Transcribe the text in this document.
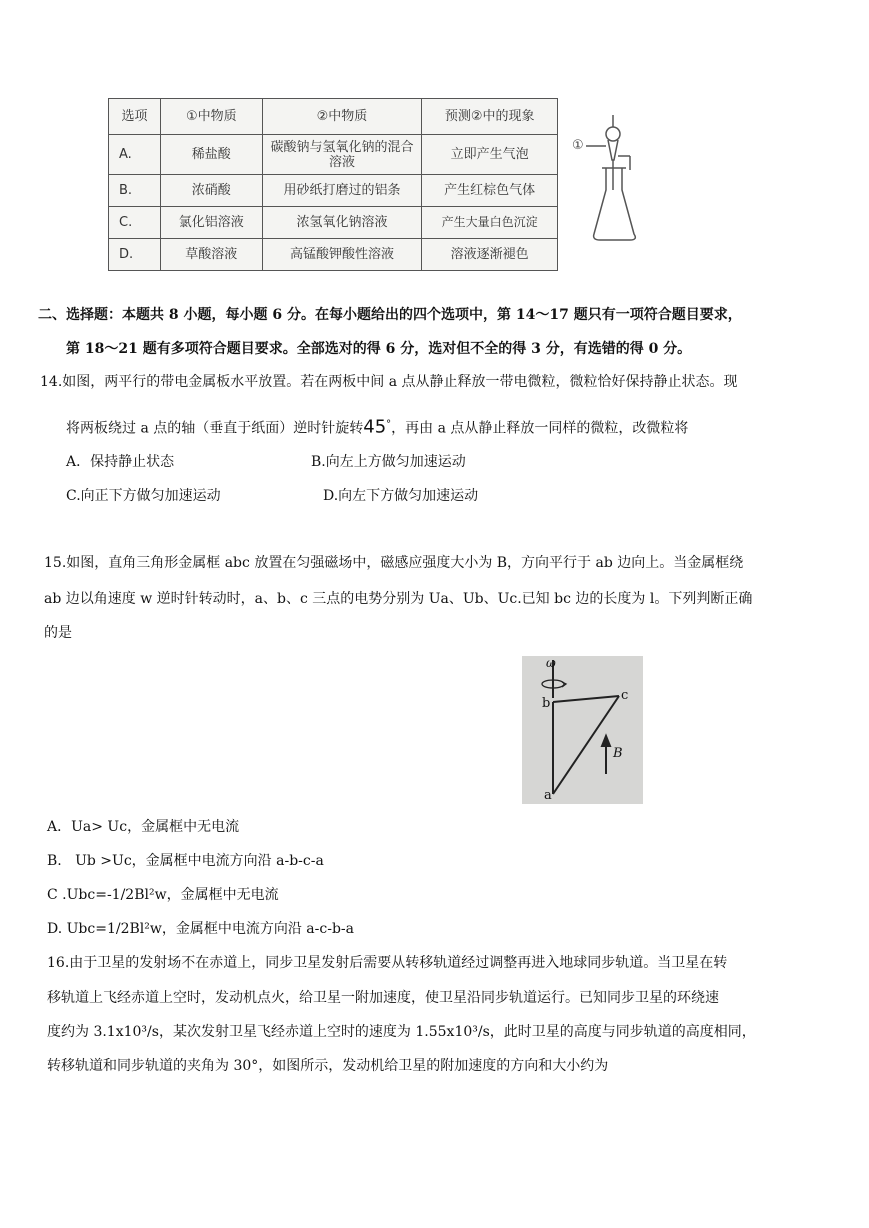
选项	①中物质	②中物质	预测②中的现象
A.	稀盐酸	碳酸钠与氢氧化钠的混合溶液	立即产生气泡
B.	浓硝酸	用砂纸打磨过的铝条	产生红棕色气体
C.	氯化铝溶液	浓氢氧化钠溶液	产生大量白色沉淀
D.	草酸溶液	高锰酸钾酸性溶液	溶液逐渐褪色
①
二、选择题：本题共 8 小题，每小题 6 分。在每小题给出的四个选项中，第 14～17 题只有一项符合题目要求，
第 18～21 题有多项符合题目要求。全部选对的得 6 分，选对但不全的得 3 分，有选错的得 0 分。
14.如图，两平行的带电金属板水平放置。若在两板中间 a 点从静止释放一带电微粒，微粒恰好保持静止状态。现
将两板绕过 a 点的轴（垂直于纸面）逆时针旋转45°，再由 a 点从静止释放一同样的微粒，改微粒将
A．保持静止状态	B.向左上方做匀加速运动
C.向正下方做匀加速运动	D.向左下方做匀加速运动
15.如图，直角三角形金属框 abc 放置在匀强磁场中，磁感应强度大小为 B，方向平行于 ab 边向上。当金属框绕
ab 边以角速度 w 逆时针转动时，a、b、c 三点的电势分别为 Ua、Ub、Uc.已知 bc 边的长度为 l。下列判断正确
的是
ω
b
c
a
B
A．Ua> Uc，金属框中无电流
B.   Ub >Uc，金属框中电流方向沿 a-b-c-a
C .Ubc=-1/2Bl²w，金属框中无电流
D. Ubc=1/2Bl²w，金属框中电流方向沿 a-c-b-a
16.由于卫星的发射场不在赤道上，同步卫星发射后需要从转移轨道经过调整再进入地球同步轨道。当卫星在转
移轨道上飞经赤道上空时，发动机点火，给卫星一附加速度，使卫星沿同步轨道运行。已知同步卫星的环绕速
度约为 3.1x10³/s，某次发射卫星飞经赤道上空时的速度为 1.55x10³/s，此时卫星的高度与同步轨道的高度相同，
转移轨道和同步轨道的夹角为 30°，如图所示，发动机给卫星的附加速度的方向和大小约为
